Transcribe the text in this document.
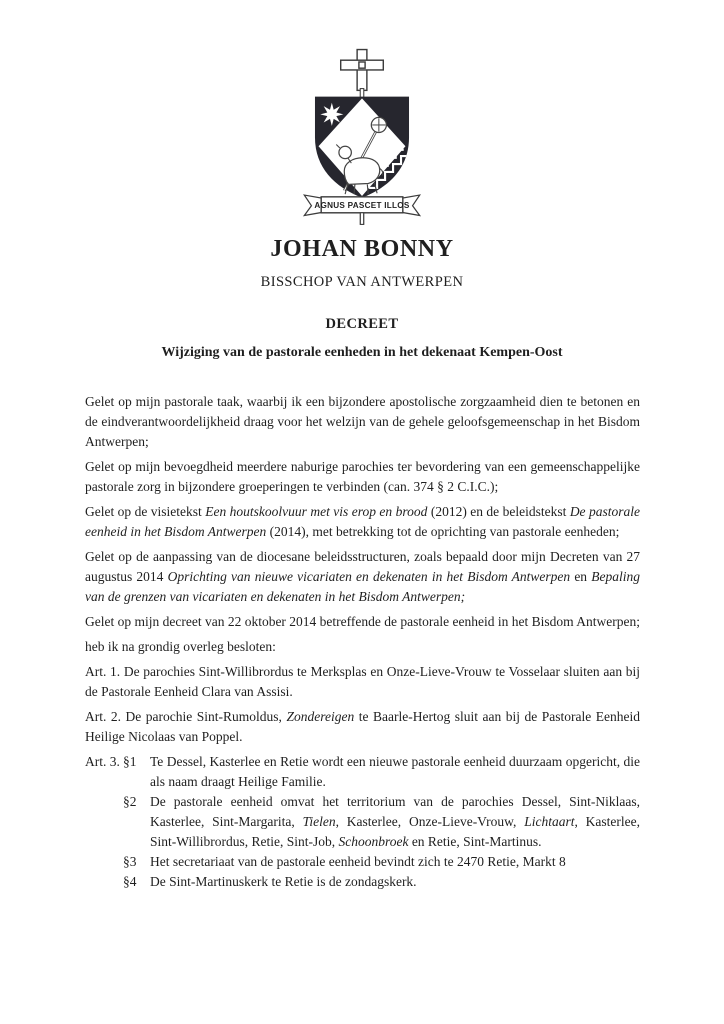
AGNUS PASCET ILLOS
JOHAN BONNY
BISSCHOP VAN ANTWERPEN
DECREET
Wijziging van de pastorale eenheden in het dekenaat Kempen-Oost

Gelet op mijn pastorale taak, waarbij ik een bijzondere apostolische zorgzaamheid dien te betonen en de eindverantwoordelijkheid draag voor het welzijn van de gehele geloofsgemeenschap in het Bisdom Antwerpen;

Gelet op mijn bevoegdheid meerdere naburige parochies ter bevordering van een gemeenschappelijke pastorale zorg in bijzondere groeperingen te verbinden (can. 374 § 2 C.I.C.);

Gelet op de visietekst Een houtskoolvuur met vis erop en brood (2012) en de beleidstekst De pastorale eenheid in het Bisdom Antwerpen (2014), met betrekking tot de oprichting van pastorale eenheden;

Gelet op de aanpassing van de diocesane beleidsstructuren, zoals bepaald door mijn Decreten van 27 augustus 2014 Oprichting van nieuwe vicariaten en dekenaten in het Bisdom Antwerpen en Bepaling van de grenzen van vicariaten en dekenaten in het Bisdom Antwerpen;

Gelet op mijn decreet van 22 oktober 2014 betreffende de pastorale eenheid in het Bisdom Antwerpen;

heb ik na grondig overleg besloten:

Art. 1. De parochies Sint-Willibrordus te Merksplas en Onze-Lieve-Vrouw te Vosselaar sluiten aan bij de Pastorale Eenheid Clara van Assisi.

Art. 2. De parochie Sint-Rumoldus, Zondereigen te Baarle-Hertog sluit aan bij de Pastorale Eenheid Heilige Nicolaas van Poppel.

Art. 3. §1	Te Dessel, Kasterlee en Retie wordt een nieuwe pastorale eenheid duurzaam opgericht, die als naam draagt Heilige Familie.
§2	De pastorale eenheid omvat het territorium van de parochies Dessel, Sint-Niklaas, Kasterlee, Sint-Margarita, Tielen, Kasterlee, Onze-Lieve-Vrouw, Lichtaart, Kasterlee, Sint-Willibrordus, Retie, Sint-Job, Schoonbroek en Retie, Sint-Martinus.
§3	Het secretariaat van de pastorale eenheid bevindt zich te 2470 Retie, Markt 8
§4	De Sint-Martinuskerk te Retie is de zondagskerk.
